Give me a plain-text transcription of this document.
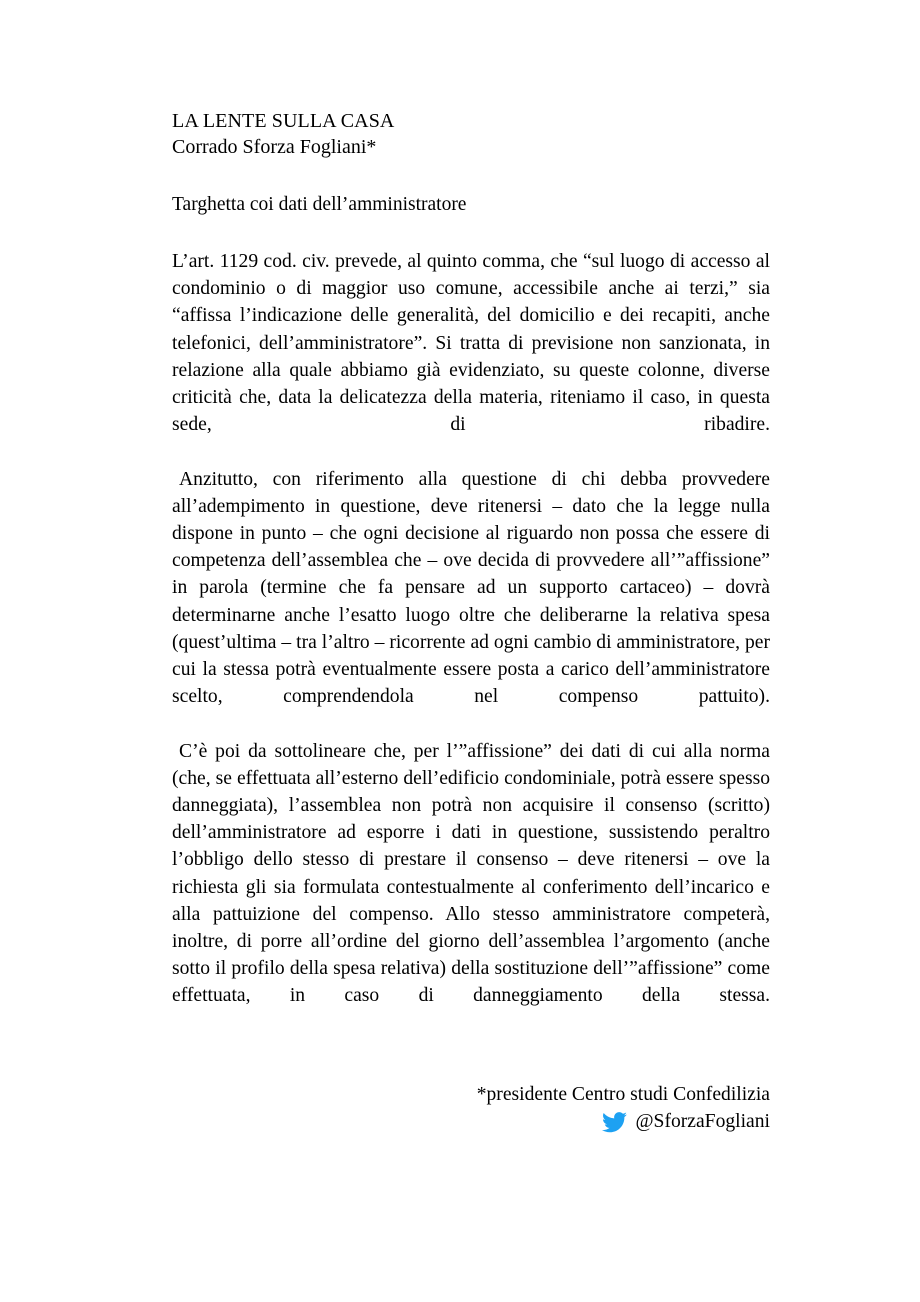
LA LENTE SULLA CASA
Corrado Sforza Fogliani*
Targhetta coi dati dell’amministratore

L’art. 1129 cod. civ. prevede, al quinto comma, che “sul luogo di accesso al condominio o di maggior uso comune, accessibile anche ai terzi,” sia “affissa l’indicazione delle generalità, del domicilio e dei recapiti, anche telefonici, dell’amministratore”. Si tratta di previsione non sanzionata, in relazione alla quale abbiamo già evidenziato, su queste colonne, diverse criticità che, data la delicatezza della materia, riteniamo il caso, in questa sede, di ribadire.

Anzitutto, con riferimento alla questione di chi debba provvedere all’adempimento in questione, deve ritenersi – dato che la legge nulla dispone in punto – che ogni decisione al riguardo non possa che essere di competenza dell’assemblea che – ove decida di provvedere all’”affissione” in parola (termine che fa pensare ad un supporto cartaceo) – dovrà determinarne anche l’esatto luogo oltre che deliberarne la relativa spesa (quest’ultima – tra l’altro – ricorrente ad ogni cambio di amministratore, per cui la stessa potrà eventualmente essere posta a carico dell’amministratore scelto, comprendendola nel compenso pattuito).

C’è poi da sottolineare che, per l’”affissione” dei dati di cui alla norma (che, se effettuata all’esterno dell’edificio condominiale, potrà essere spesso danneggiata), l’assemblea non potrà non acquisire il consenso (scritto) dell’amministratore ad esporre i dati in questione, sussistendo peraltro l’obbligo dello stesso di prestare il consenso – deve ritenersi – ove la richiesta gli sia formulata contestualmente al conferimento dell’incarico e alla pattuizione del compenso. Allo stesso amministratore competerà, inoltre, di porre all’ordine del giorno dell’assemblea l’argomento (anche sotto il profilo della spesa relativa) della sostituzione dell’”affissione” come effettuata, in caso di danneggiamento della stessa.

*presidente Centro studi Confedilizia
@SforzaFogliani
